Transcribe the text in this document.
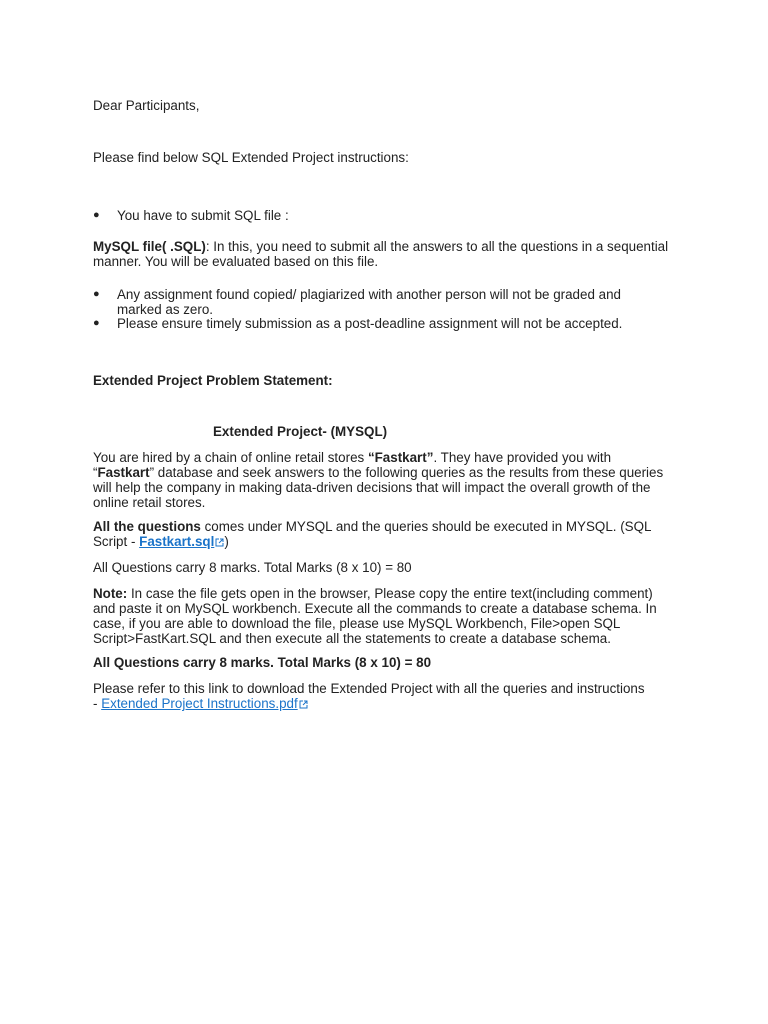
Dear Participants,
Please find below SQL Extended Project instructions:
● You have to submit SQL file :
MySQL file( .SQL): In this, you need to submit all the answers to all the questions in a sequential manner. You will be evaluated based on this file.
● Any assignment found copied/ plagiarized with another person will not be graded and marked as zero.
● Please ensure timely submission as a post-deadline assignment will not be accepted.
Extended Project Problem Statement:
Extended Project- (MYSQL)
You are hired by a chain of online retail stores “Fastkart”. They have provided you with “Fastkart” database and seek answers to the following queries as the results from these queries will help the company in making data-driven decisions that will impact the overall growth of the online retail stores.
All the questions comes under MYSQL and the queries should be executed in MYSQL. (SQL Script - Fastkart.sql )
All Questions carry 8 marks. Total Marks (8 x 10) = 80
Note: In case the file gets open in the browser, Please copy the entire text(including comment) and paste it on MySQL workbench. Execute all the commands to create a database schema. In case, if you are able to download the file, please use MySQL Workbench, File>open SQL Script>FastKart.SQL and then execute all the statements to create a database schema.
All Questions carry 8 marks. Total Marks (8 x 10) = 80
Please refer to this link to download the Extended Project with all the queries and instructions
- Extended Project Instructions.pdf
